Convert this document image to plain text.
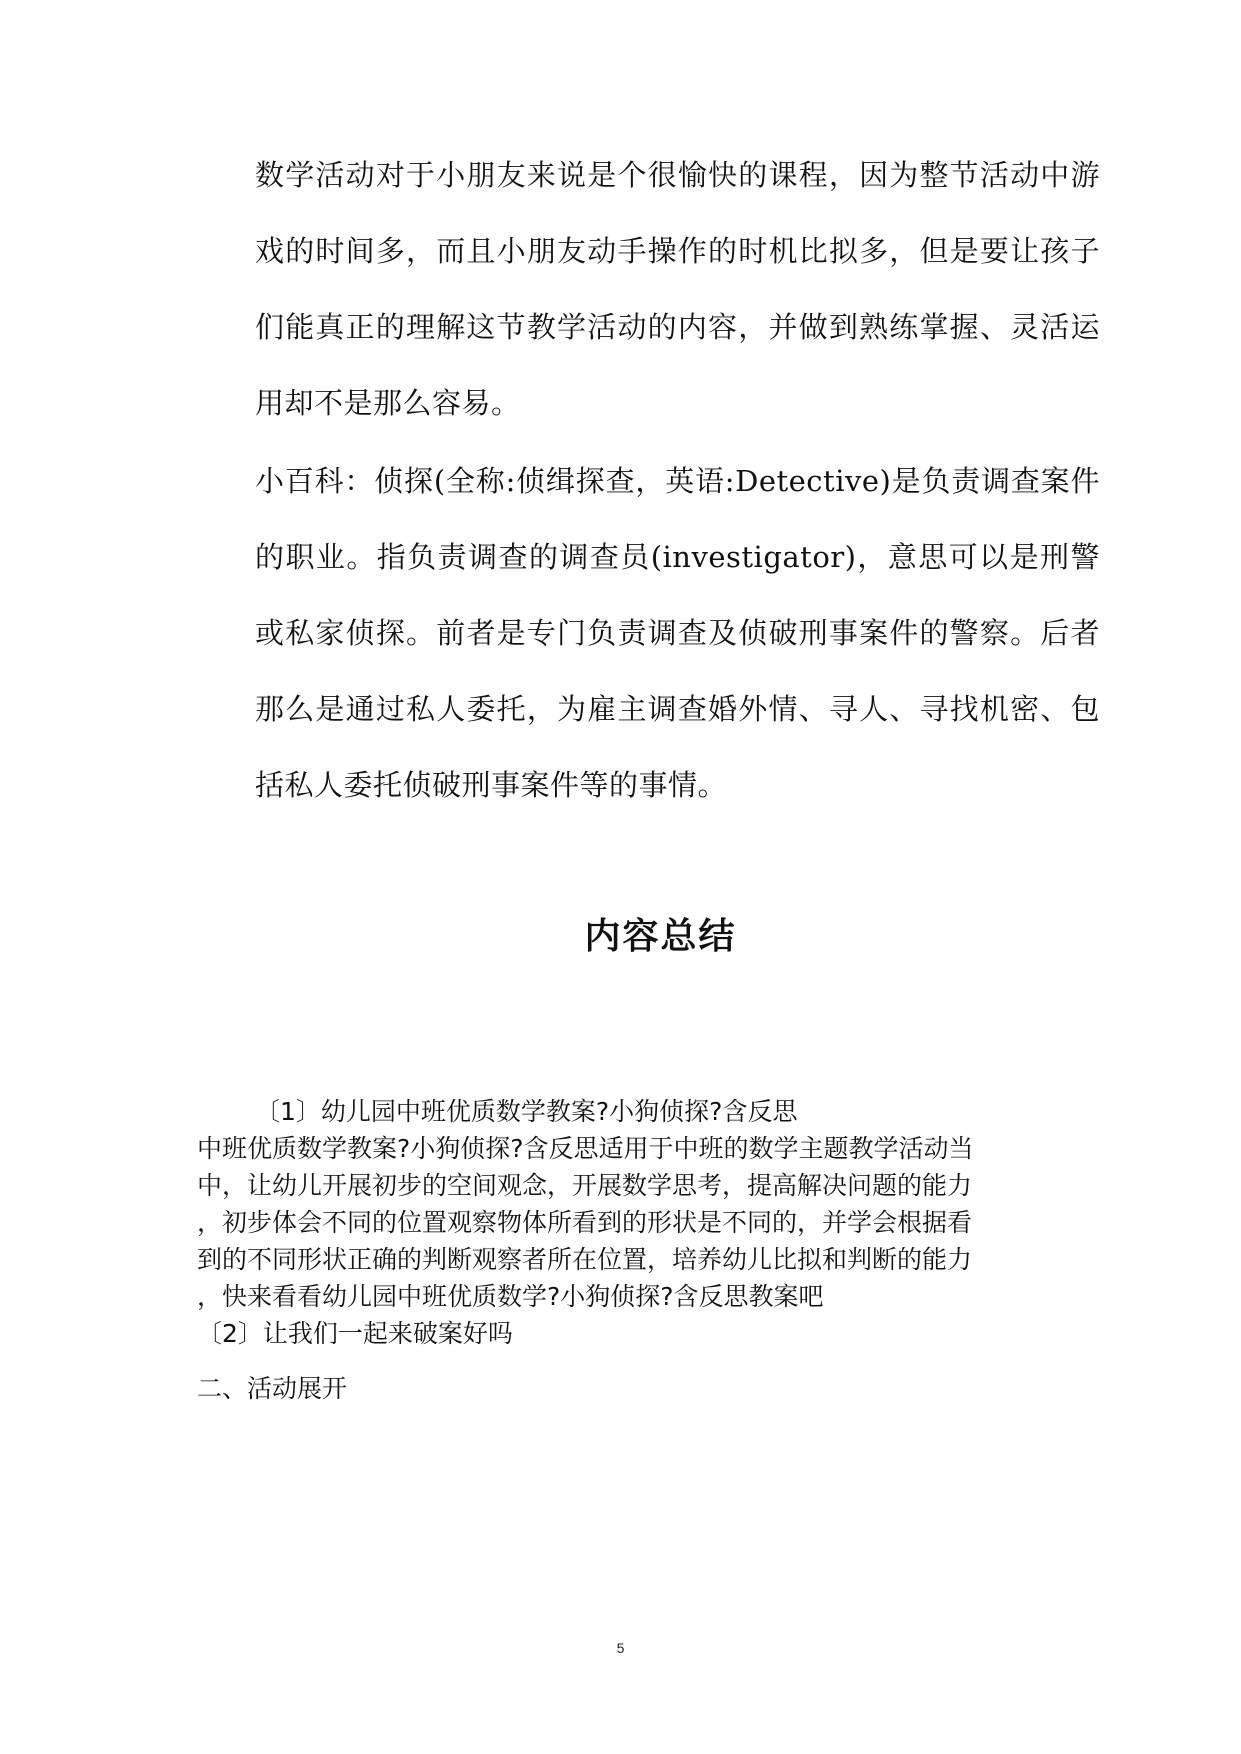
数学活动对于小朋友来说是个很愉快的课程，因为整节活动中游戏的时间多，而且小朋友动手操作的时机比拟多，但是要让孩子们能真正的理解这节教学活动的内容，并做到熟练掌握、灵活运用却不是那么容易。

小百科：侦探(全称:侦缉探查，英语:Detective)是负责调查案件的职业。指负责调查的调查员(investigator)，意思可以是刑警或私家侦探。前者是专门负责调查及侦破刑事案件的警察。后者那么是通过私人委托，为雇主调查婚外情、寻人、寻找机密、包括私人委托侦破刑事案件等的事情。

内容总结
〔1〕幼儿园中班优质数学教案?小狗侦探?含反思
中班优质数学教案?小狗侦探?含反思适用于中班的数学主题教学活动当
中，让幼儿开展初步的空间观念，开展数学思考，提高解决问题的能力
，初步体会不同的位置观察物体所看到的形状是不同的，并学会根据看
到的不同形状正确的判断观察者所在位置，培养幼儿比拟和判断的能力
，快来看看幼儿园中班优质数学?小狗侦探?含反思教案吧
〔2〕让我们一起来破案好吗
二、活动展开
5
